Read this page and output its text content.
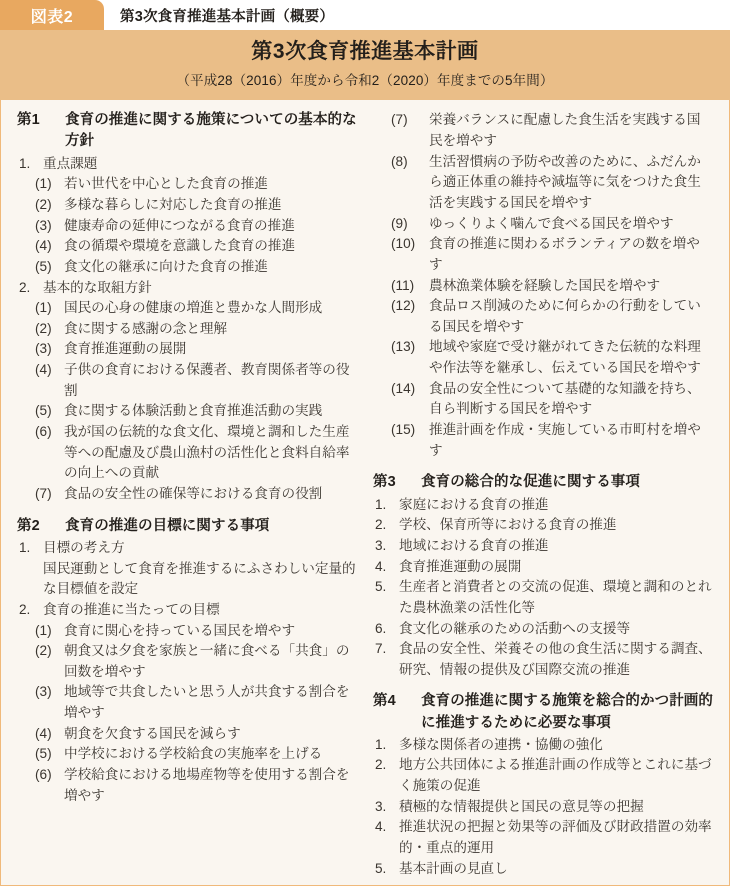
図表2	第3次食育推進基本計画（概要）
第3次食育推進基本計画
（平成28（2016）年度から令和2（2020）年度までの5年間）
第1	食育の推進に関する施策についての基本的な方針
1. 重点課題
(1) 若い世代を中心とした食育の推進
(2) 多様な暮らしに対応した食育の推進
(3) 健康寿命の延伸につながる食育の推進
(4) 食の循環や環境を意識した食育の推進
(5) 食文化の継承に向けた食育の推進
2. 基本的な取組方針
(1) 国民の心身の健康の増進と豊かな人間形成
(2) 食に関する感謝の念と理解
(3) 食育推進運動の展開
(4) 子供の食育における保護者、教育関係者等の役割
(5) 食に関する体験活動と食育推進活動の実践
(6) 我が国の伝統的な食文化、環境と調和した生産等への配慮及び農山漁村の活性化と食料自給率の向上への貢献
(7) 食品の安全性の確保等における食育の役割
第2	食育の推進の目標に関する事項
1. 目標の考え方
国民運動として食育を推進するにふさわしい定量的な目標値を設定
2. 食育の推進に当たっての目標
(1) 食育に関心を持っている国民を増やす
(2) 朝食又は夕食を家族と一緒に食べる「共食」の回数を増やす
(3) 地域等で共食したいと思う人が共食する割合を増やす
(4) 朝食を欠食する国民を減らす
(5) 中学校における学校給食の実施率を上げる
(6) 学校給食における地場産物等を使用する割合を増やす
(7)	栄養バランスに配慮した食生活を実践する国民を増やす
(8)	生活習慣病の予防や改善のために、ふだんから適正体重の維持や減塩等に気をつけた食生活を実践する国民を増やす
(9)	ゆっくりよく噛んで食べる国民を増やす
(10)	食育の推進に関わるボランティアの数を増やす
(11)	農林漁業体験を経験した国民を増やす
(12)	食品ロス削減のために何らかの行動をしている国民を増やす
(13)	地域や家庭で受け継がれてきた伝統的な料理や作法等を継承し、伝えている国民を増やす
(14)	食品の安全性について基礎的な知識を持ち、自ら判断する国民を増やす
(15)	推進計画を作成・実施している市町村を増やす
第3	食育の総合的な促進に関する事項
1. 家庭における食育の推進
2. 学校、保育所等における食育の推進
3. 地域における食育の推進
4. 食育推進運動の展開
5. 生産者と消費者との交流の促進、環境と調和のとれた農林漁業の活性化等
6. 食文化の継承のための活動への支援等
7. 食品の安全性、栄養その他の食生活に関する調査、研究、情報の提供及び国際交流の推進
第4	食育の推進に関する施策を総合的かつ計画的に推進するために必要な事項
1. 多様な関係者の連携・協働の強化
2. 地方公共団体による推進計画の作成等とこれに基づく施策の促進
3. 積極的な情報提供と国民の意見等の把握
4. 推進状況の把握と効果等の評価及び財政措置の効率的・重点的運用
5. 基本計画の見直し
